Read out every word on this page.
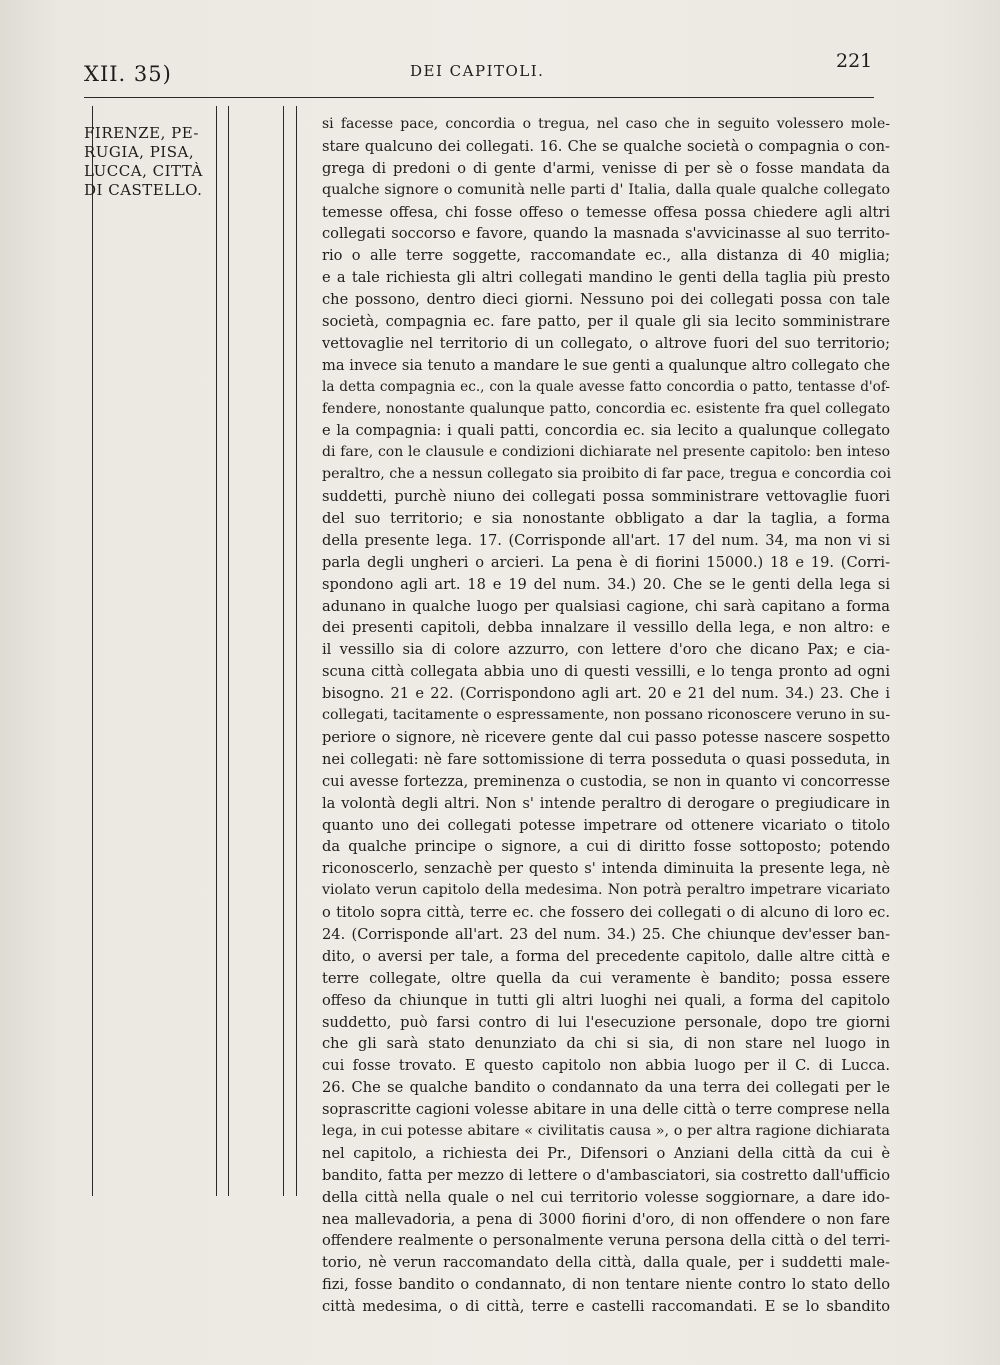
XII. 35)	DEI CAPITOLI.	221
FIRENZE, PE-
RUGIA, PISA,
LUCCA, CITTÀ
DI CASTELLO.
si facesse pace, concordia o tregua, nel caso che in seguito volessero mole-
stare qualcuno dei collegati. 16. Che se qualche società o compagnia o con-
grega di predoni o di gente d'armi, venisse di per sè o fosse mandata da
qualche signore o comunità nelle parti d' Italia, dalla quale qualche collegato
temesse offesa, chi fosse offeso o temesse offesa possa chiedere agli altri
collegati soccorso e favore, quando la masnada s'avvicinasse al suo territo-
rio o alle terre soggette, raccomandate ec., alla distanza di 40 miglia;
e a tale richiesta gli altri collegati mandino le genti della taglia più presto
che possono, dentro dieci giorni. Nessuno poi dei collegati possa con tale
società, compagnia ec. fare patto, per il quale gli sia lecito somministrare
vettovaglie nel territorio di un collegato, o altrove fuori del suo territorio;
ma invece sia tenuto a mandare le sue genti a qualunque altro collegato che
la detta compagnia ec., con la quale avesse fatto concordia o patto, tentasse d'of-
fendere, nonostante qualunque patto, concordia ec. esistente fra quel collegato
e la compagnia: i quali patti, concordia ec. sia lecito a qualunque collegato
di fare, con le clausule e condizioni dichiarate nel presente capitolo: ben inteso
peraltro, che a nessun collegato sia proibito di far pace, tregua e concordia coi
suddetti, purchè niuno dei collegati possa somministrare vettovaglie fuori
del suo territorio; e sia nonostante obbligato a dar la taglia, a forma
della presente lega. 17. (Corrisponde all'art. 17 del num. 34, ma non vi si
parla degli ungheri o arcieri. La pena è di fiorini 15000.) 18 e 19. (Corri-
spondono agli art. 18 e 19 del num. 34.) 20. Che se le genti della lega si
adunano in qualche luogo per qualsiasi cagione, chi sarà capitano a forma
dei presenti capitoli, debba innalzare il vessillo della lega, e non altro: e
il vessillo sia di colore azzurro, con lettere d'oro che dicano Pax; e cia-
scuna città collegata abbia uno di questi vessilli, e lo tenga pronto ad ogni
bisogno. 21 e 22. (Corrispondono agli art. 20 e 21 del num. 34.) 23. Che i
collegati, tacitamente o espressamente, non possano riconoscere veruno in su-
periore o signore, nè ricevere gente dal cui passo potesse nascere sospetto
nei collegati: nè fare sottomissione di terra posseduta o quasi posseduta, in
cui avesse fortezza, preminenza o custodia, se non in quanto vi concorresse
la volontà degli altri. Non s' intende peraltro di derogare o pregiudicare in
quanto uno dei collegati potesse impetrare od ottenere vicariato o titolo
da qualche principe o signore, a cui di diritto fosse sottoposto; potendo
riconoscerlo, senzachè per questo s' intenda diminuita la presente lega, nè
violato verun capitolo della medesima. Non potrà peraltro impetrare vicariato
o titolo sopra città, terre ec. che fossero dei collegati o di alcuno di loro ec.
24. (Corrisponde all'art. 23 del num. 34.) 25. Che chiunque dev'esser ban-
dito, o aversi per tale, a forma del precedente capitolo, dalle altre città e
terre collegate, oltre quella da cui veramente è bandito; possa essere
offeso da chiunque in tutti gli altri luoghi nei quali, a forma del capitolo
suddetto, può farsi contro di lui l'esecuzione personale, dopo tre giorni
che gli sarà stato denunziato da chi si sia, di non stare nel luogo in
cui fosse trovato. E questo capitolo non abbia luogo per il C. di Lucca.
26. Che se qualche bandito o condannato da una terra dei collegati per le
soprascritte cagioni volesse abitare in una delle città o terre comprese nella
lega, in cui potesse abitare « civilitatis causa », o per altra ragione dichiarata
nel capitolo, a richiesta dei Pr., Difensori o Anziani della città da cui è
bandito, fatta per mezzo di lettere o d'ambasciatori, sia costretto dall'ufficio
della città nella quale o nel cui territorio volesse soggiornare, a dare ido-
nea mallevadoria, a pena di 3000 fiorini d'oro, di non offendere o non fare
offendere realmente o personalmente veruna persona della città o del terri-
torio, nè verun raccomandato della città, dalla quale, per i suddetti male-
fizi, fosse bandito o condannato, di non tentare niente contro lo stato dello
città medesima, o di città, terre e castelli raccomandati. E se lo sbandito
